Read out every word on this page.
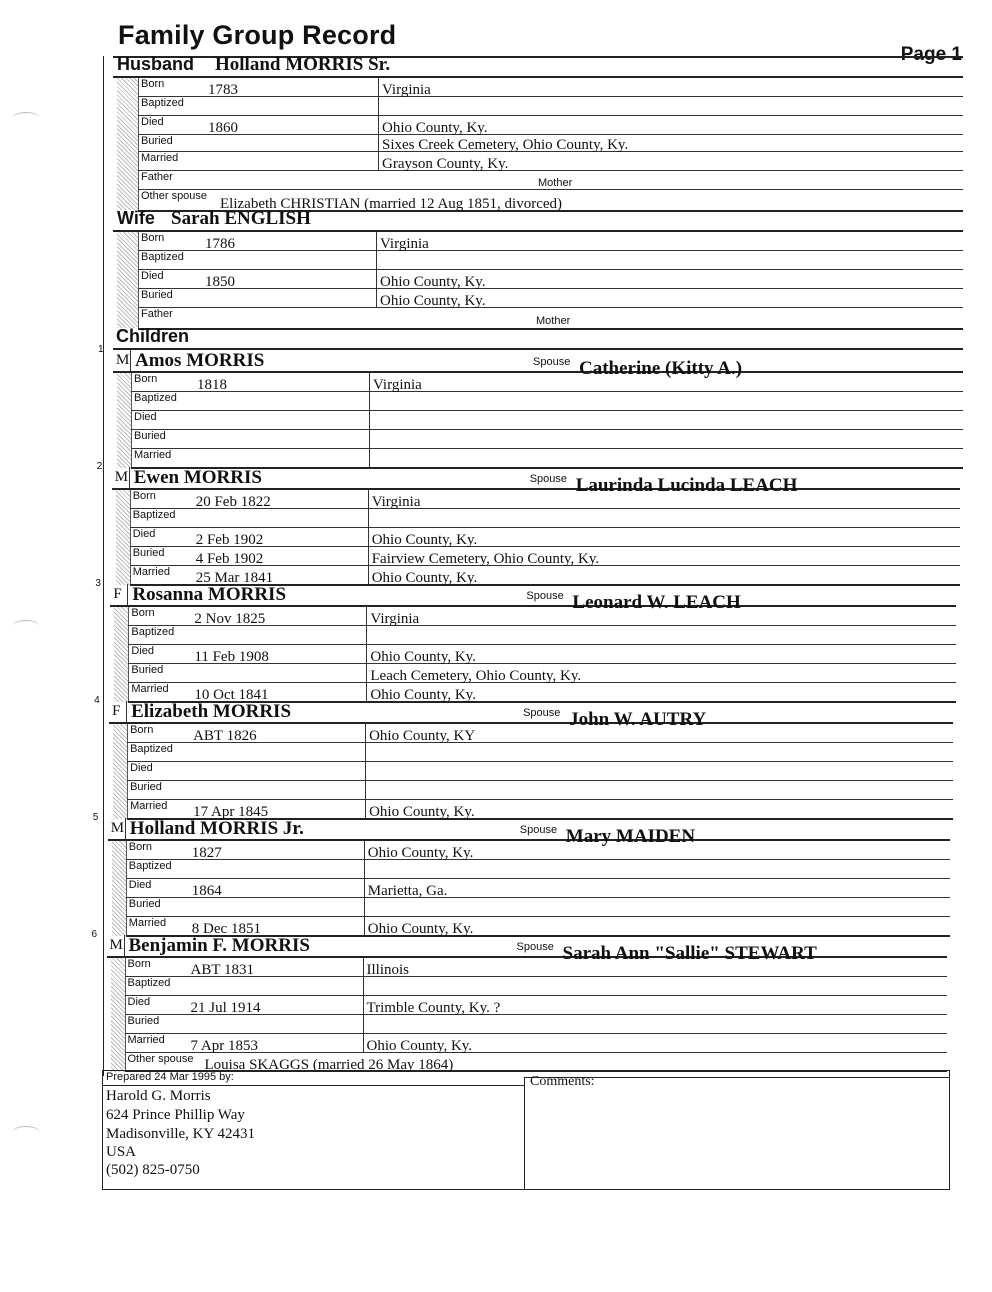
Family Group Record
Page 1
Husband Holland MORRIS Sr.
Born	1783	Virginia
Baptized
Died	1860	Ohio County, Ky.
Buried	Sixes Creek Cemetery, Ohio County, Ky.
Married	Grayson County, Ky.
Father	Mother
Other spouse Elizabeth CHRISTIAN (married 12 Aug 1851, divorced)
Wife Sarah ENGLISH
Born	1786	Virginia
Baptized
Died	1850	Ohio County, Ky.
Buried	Ohio County, Ky.
Father
Mother
Children
1
M Amos MORRIS	Spouse Catherine (Kitty A.)
Born	1818	Virginia
Baptized
Died
Buried
Married
2
M Ewen MORRIS	Spouse Laurinda Lucinda LEACH
Born	20 Feb 1822	Virginia
Baptized
Died	2 Feb 1902	Ohio County, Ky.
Buried 4 Feb 1902	Fairview Cemetery, Ohio County, Ky.
Married 25 Mar 1841	Ohio County, Ky.
3
F Rosanna MORRIS	Spouse Leonard W. LEACH
Born	2 Nov 1825	Virginia
Baptized
Died	11 Feb 1908	Ohio County, Ky.
Buried	Leach Cemetery, Ohio County, Ky.
Married 10 Oct 1841	Ohio County, Ky.
4
F Elizabeth MORRIS	Spouse John W. AUTRY
Born	ABT 1826	Ohio County, KY
Baptized
Died
Buried
Married 17 Apr 1845	Ohio County, Ky.
5
M Holland MORRIS Jr.	Spouse Mary MAIDEN
Born	1827	Ohio County, Ky.
Baptized
Died	1864	Marietta, Ga.
Buried
Married 8 Dec 1851	Ohio County, Ky.
6
M Benjamin F. MORRIS	Spouse Sarah Ann "Sallie" STEWART
Born	ABT 1831	Illinois
Baptized
Died	21 Jul 1914	Trimble County, Ky. ?
Buried
Married 7 Apr 1853	Ohio County, Ky.
Other spouse Louisa SKAGGS (married 26 May 1864)
Prepared 24 Mar 1995 by:
Harold G. Morris
624 Prince Phillip Way
Madisonville, KY 42431
USA
(502) 825-0750
Comments:
